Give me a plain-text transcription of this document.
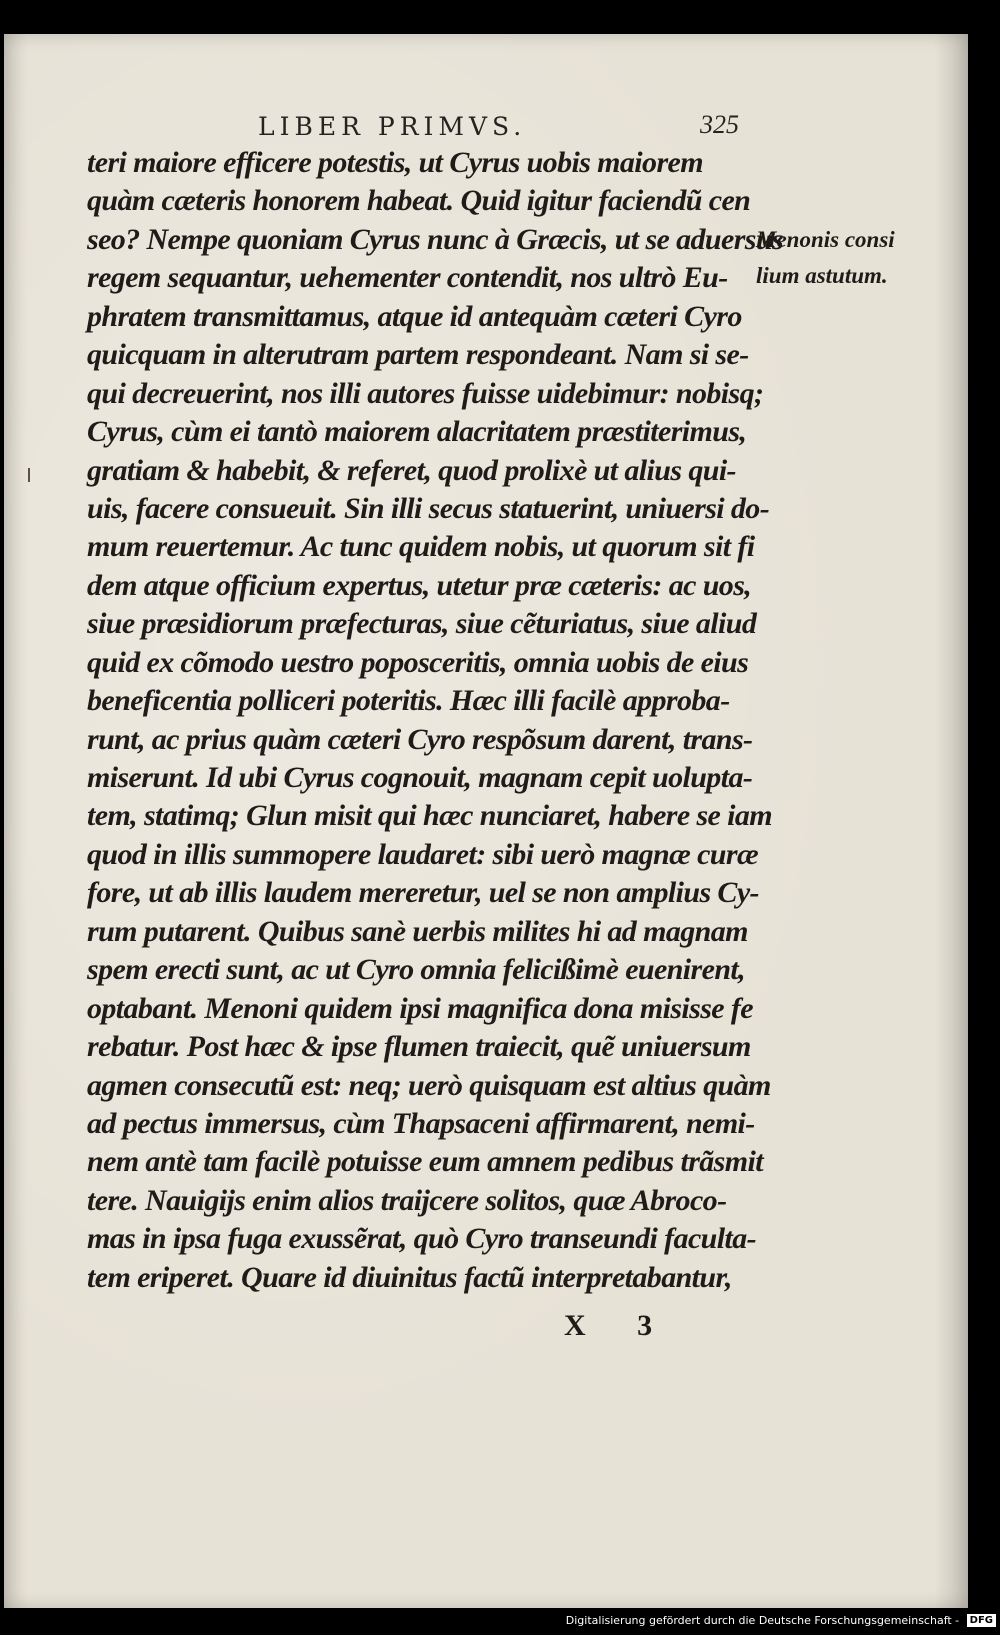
LIBER PRIMVS.	325
teri maiore efficere potestis, ut Cyrus uobis maiorem
quàm cæteris honorem habeat. Quid igitur faciendũ cen
seo? Nempe quoniam Cyrus nunc à Græcis, ut se aduersus
regem sequantur, uehementer contendit, nos ultrò Eu-
phratem transmittamus, atque id antequàm cæteri Cyro
quicquam in alterutram partem respondeant. Nam si se-
qui decreuerint, nos illi autores fuisse uidebimur: nobisq;
Cyrus, cùm ei tantò maiorem alacritatem præstiterimus,
gratiam & habebit, & referet, quod prolixè ut alius qui-
uis, facere consueuit. Sin illi secus statuerint, uniuersi do-
mum reuertemur. Ac tunc quidem nobis, ut quorum sit fi
dem atque officium expertus, utetur præ cæteris: ac uos,
siue præsidiorum præfecturas, siue cẽturiatus, siue aliud
quid ex cõmodo uestro poposceritis, omnia uobis de eius
beneficentia polliceri poteritis. Hæc illi facilè approba-
runt, ac prius quàm cæteri Cyro respõsum darent, trans-
miserunt. Id ubi Cyrus cognouit, magnam cepit uolupta-
tem, statimq; Glun misit qui hæc nunciaret, habere se iam
quod in illis summopere laudaret: sibi uerò magnæ curæ
fore, ut ab illis laudem mereretur, uel se non amplius Cy-
rum putarent. Quibus sanè uerbis milites hi ad magnam
spem erecti sunt, ac ut Cyro omnia felicißimè euenirent,
optabant. Menoni quidem ipsi magnifica dona misisse fe
rebatur. Post hæc & ipse flumen traiecit, quẽ uniuersum
agmen consecutũ est: neq; uerò quisquam est altius quàm
ad pectus immersus, cùm Thapsaceni affirmarent, nemi-
nem antè tam facilè potuisse eum amnem pedibus trãsmit
tere. Nauigijs enim alios traijcere solitos, quæ Abroco-
mas in ipsa fuga exussẽrat, quò Cyro transeundi faculta-
tem eriperet. Quare id diuinitus factũ interpretabantur,
Menonis consi
lium astutum.
X 3
Digitalisierung gefördert durch die Deutsche Forschungsgemeinschaft - DFG
